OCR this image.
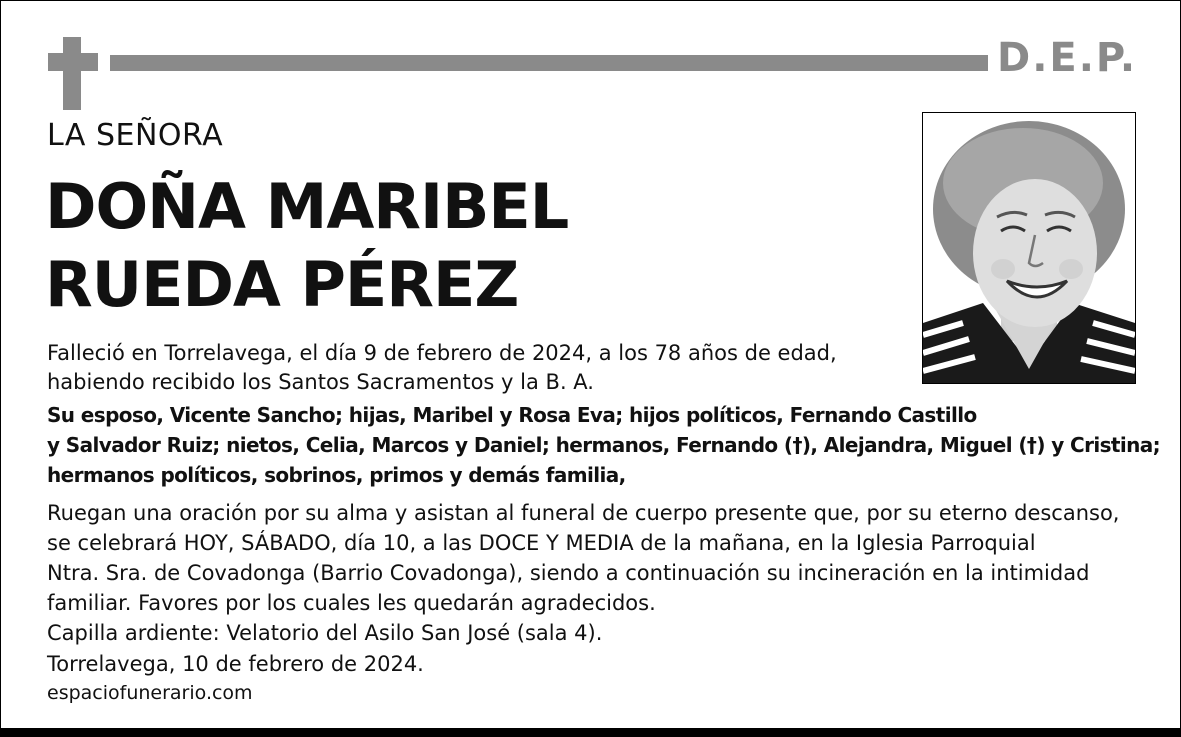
D.E.P.
LA SEÑORA
DOÑA MARIBEL
RUEDA PÉREZ
Falleció en Torrelavega, el día 9 de febrero de 2024, a los 78 años de edad,
habiendo recibido los Santos Sacramentos y la B. A.
Su esposo, Vicente Sancho; hijas, Maribel y Rosa Eva; hijos políticos, Fernando Castillo
y Salvador Ruiz; nietos, Celia, Marcos y Daniel; hermanos, Fernando (†), Alejandra, Miguel (†) y Cristina;
hermanos políticos, sobrinos, primos y demás familia,
Ruegan una oración por su alma y asistan al funeral de cuerpo presente que, por su eterno descanso,
se celebrará HOY, SÁBADO, día 10, a las DOCE Y MEDIA de la mañana, en la Iglesia Parroquial
Ntra. Sra. de Covadonga (Barrio Covadonga), siendo a continuación su incineración en la intimidad
familiar. Favores por los cuales les quedarán agradecidos.
Capilla ardiente: Velatorio del Asilo San José (sala 4).
Torrelavega, 10 de febrero de 2024.
espaciofunerario.com
